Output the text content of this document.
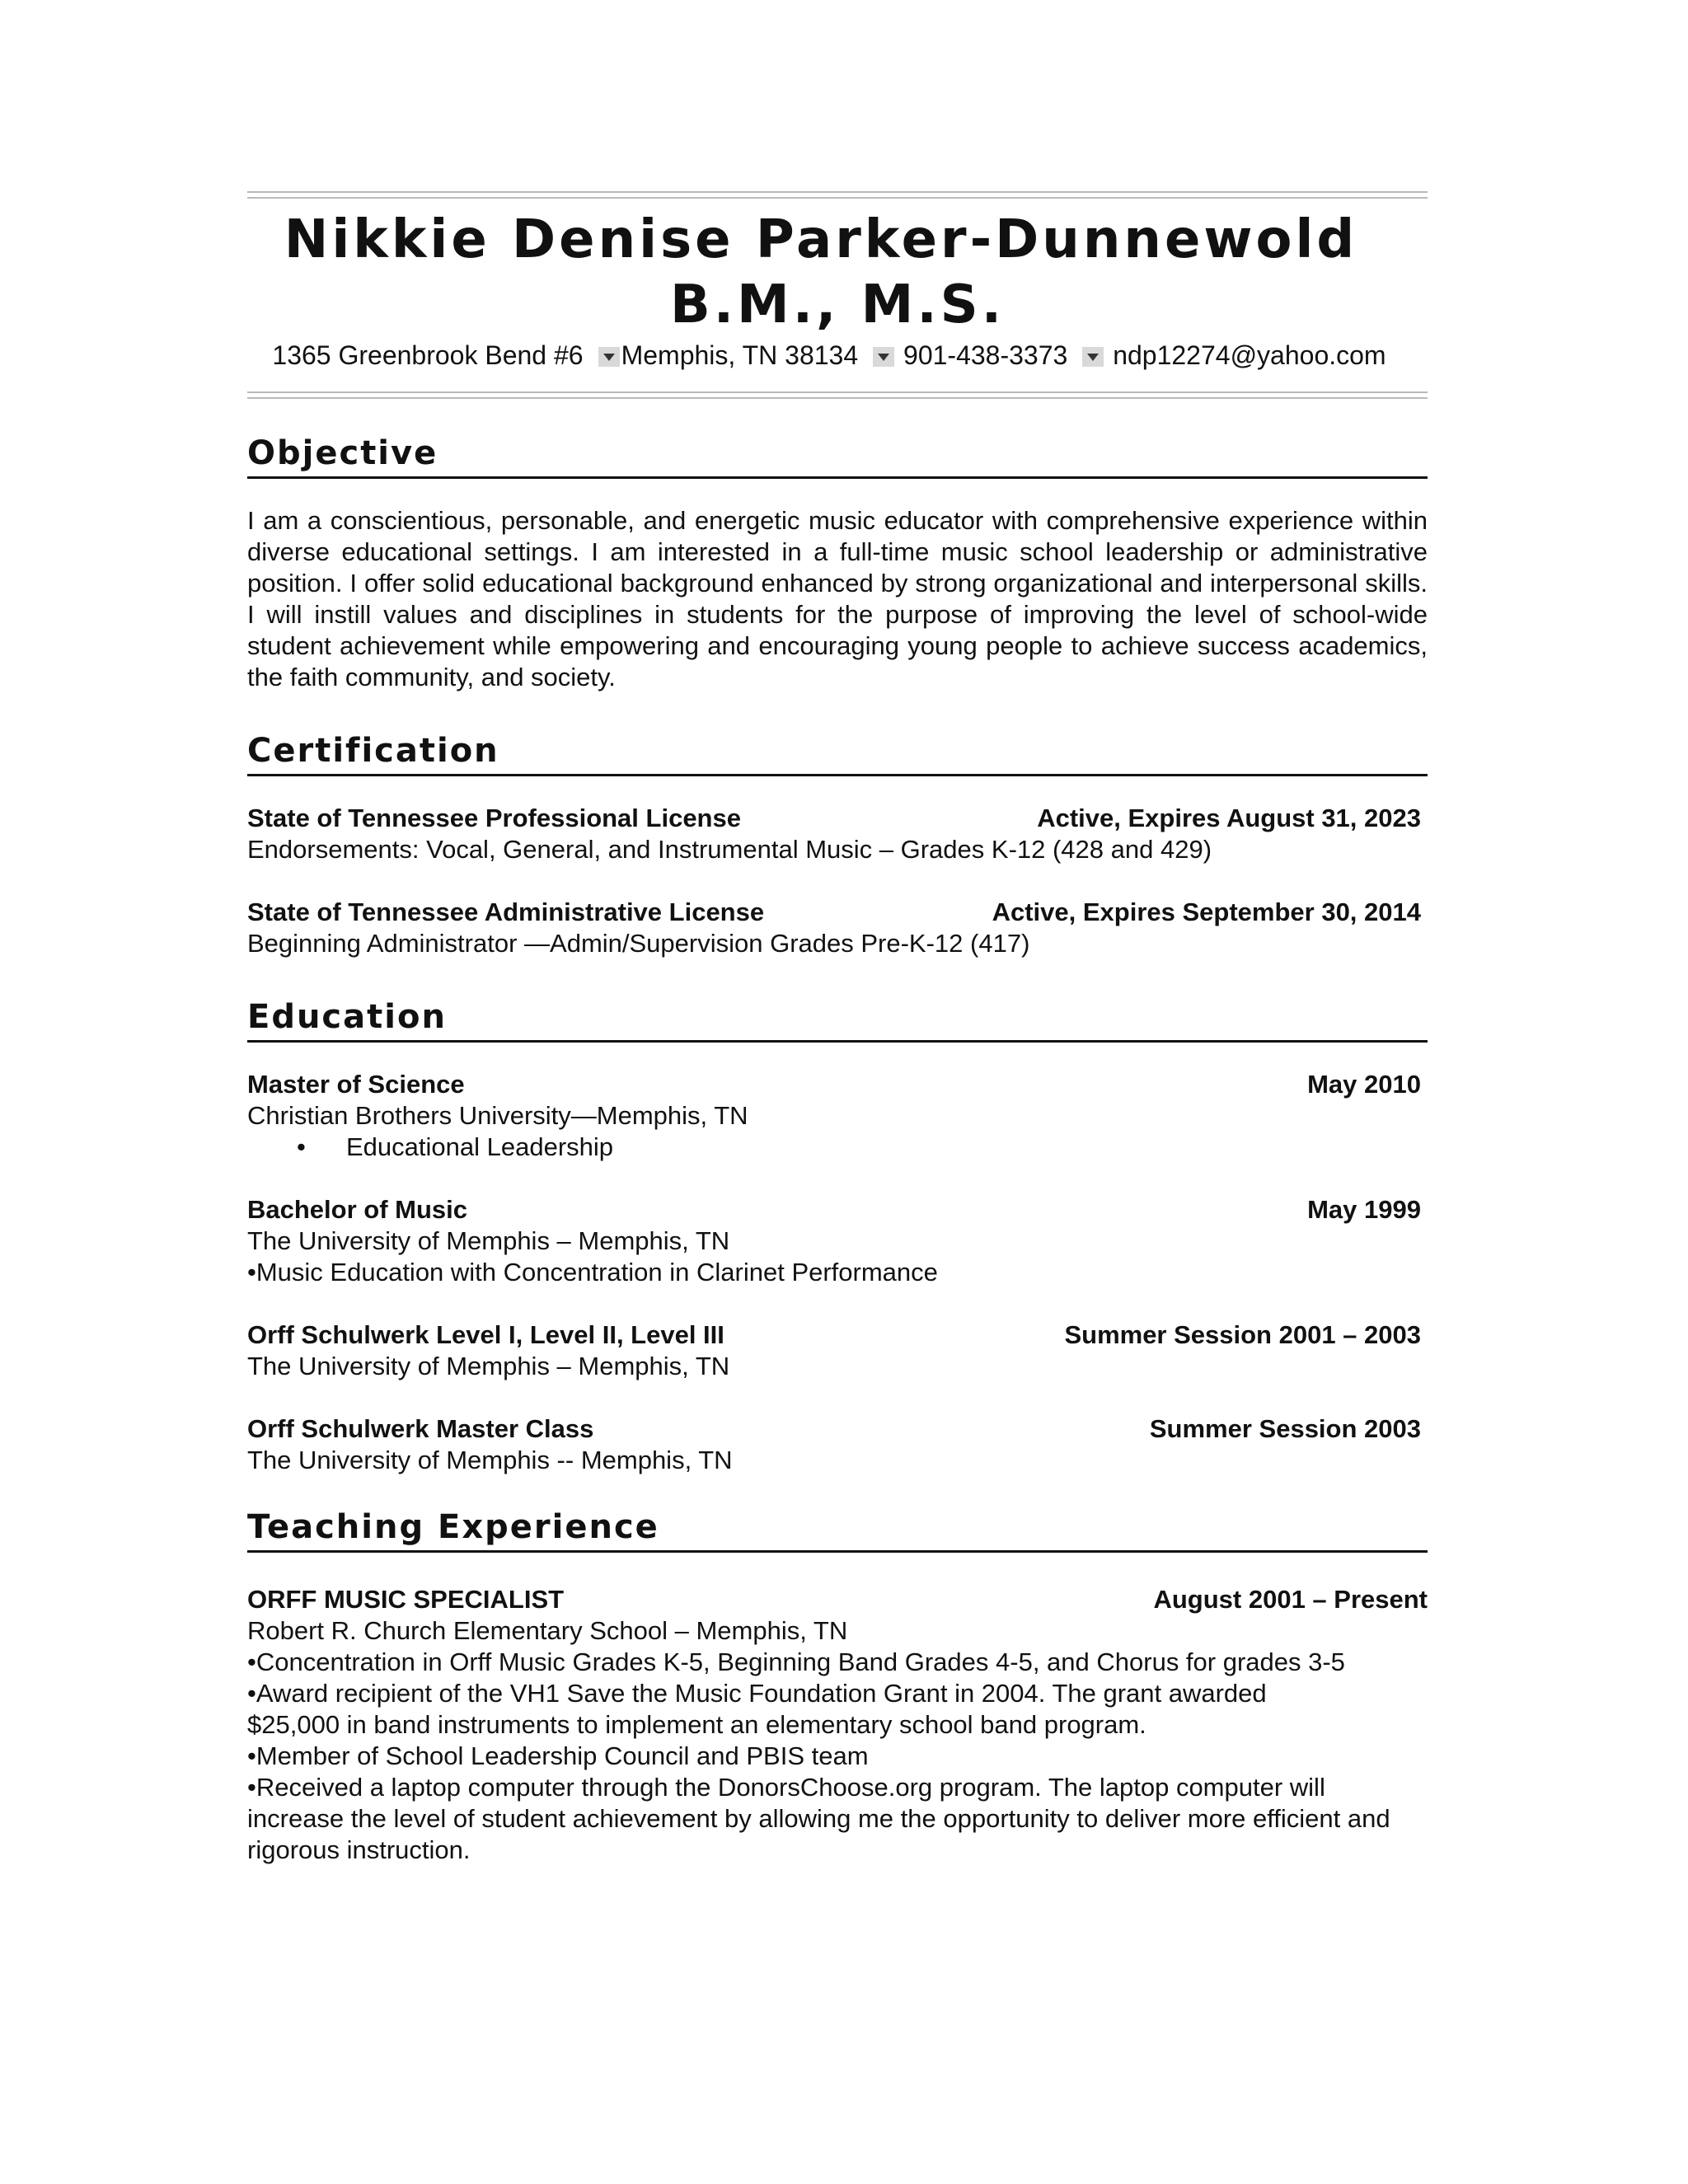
Nikkie Denise Parker-Dunnewold
B.M., M.S.
1365 Greenbrook Bend #6 Memphis, TN 38134 901-438-3373 ndp12274@yahoo.com
Objective
I am a conscientious, personable, and energetic music educator with comprehensive experience within diverse educational settings. I am interested in a full-time music school leadership or administrative position. I offer solid educational background enhanced by strong organizational and interpersonal skills. I will instill values and disciplines in students for the purpose of improving the level of school-wide student achievement while empowering and encouraging young people to achieve success academics, the faith community, and society.
Certification
State of Tennessee Professional License	Active, Expires August 31, 2023
Endorsements: Vocal, General, and Instrumental Music – Grades K-12 (428 and 429)
State of Tennessee Administrative License	Active, Expires September 30, 2014
Beginning Administrator —Admin/Supervision Grades Pre-K-12 (417)
Education
Master of Science	May 2010
Christian Brothers University—Memphis, TN
• Educational Leadership
Bachelor of Music	May 1999
The University of Memphis – Memphis, TN
•Music Education with Concentration in Clarinet Performance
Orff Schulwerk Level I, Level II, Level III	Summer Session 2001 – 2003
The University of Memphis – Memphis, TN
Orff Schulwerk Master Class	Summer Session 2003
The University of Memphis -- Memphis, TN
Teaching Experience
ORFF MUSIC SPECIALIST	August 2001 – Present
Robert R. Church Elementary School – Memphis, TN
•Concentration in Orff Music Grades K-5, Beginning Band Grades 4-5, and Chorus for grades 3-5
•Award recipient of the VH1 Save the Music Foundation Grant in 2004. The grant awarded $25,000 in band instruments to implement an elementary school band program.
•Member of School Leadership Council and PBIS team
•Received a laptop computer through the DonorsChoose.org program. The laptop computer will increase the level of student achievement by allowing me the opportunity to deliver more efficient and rigorous instruction.
